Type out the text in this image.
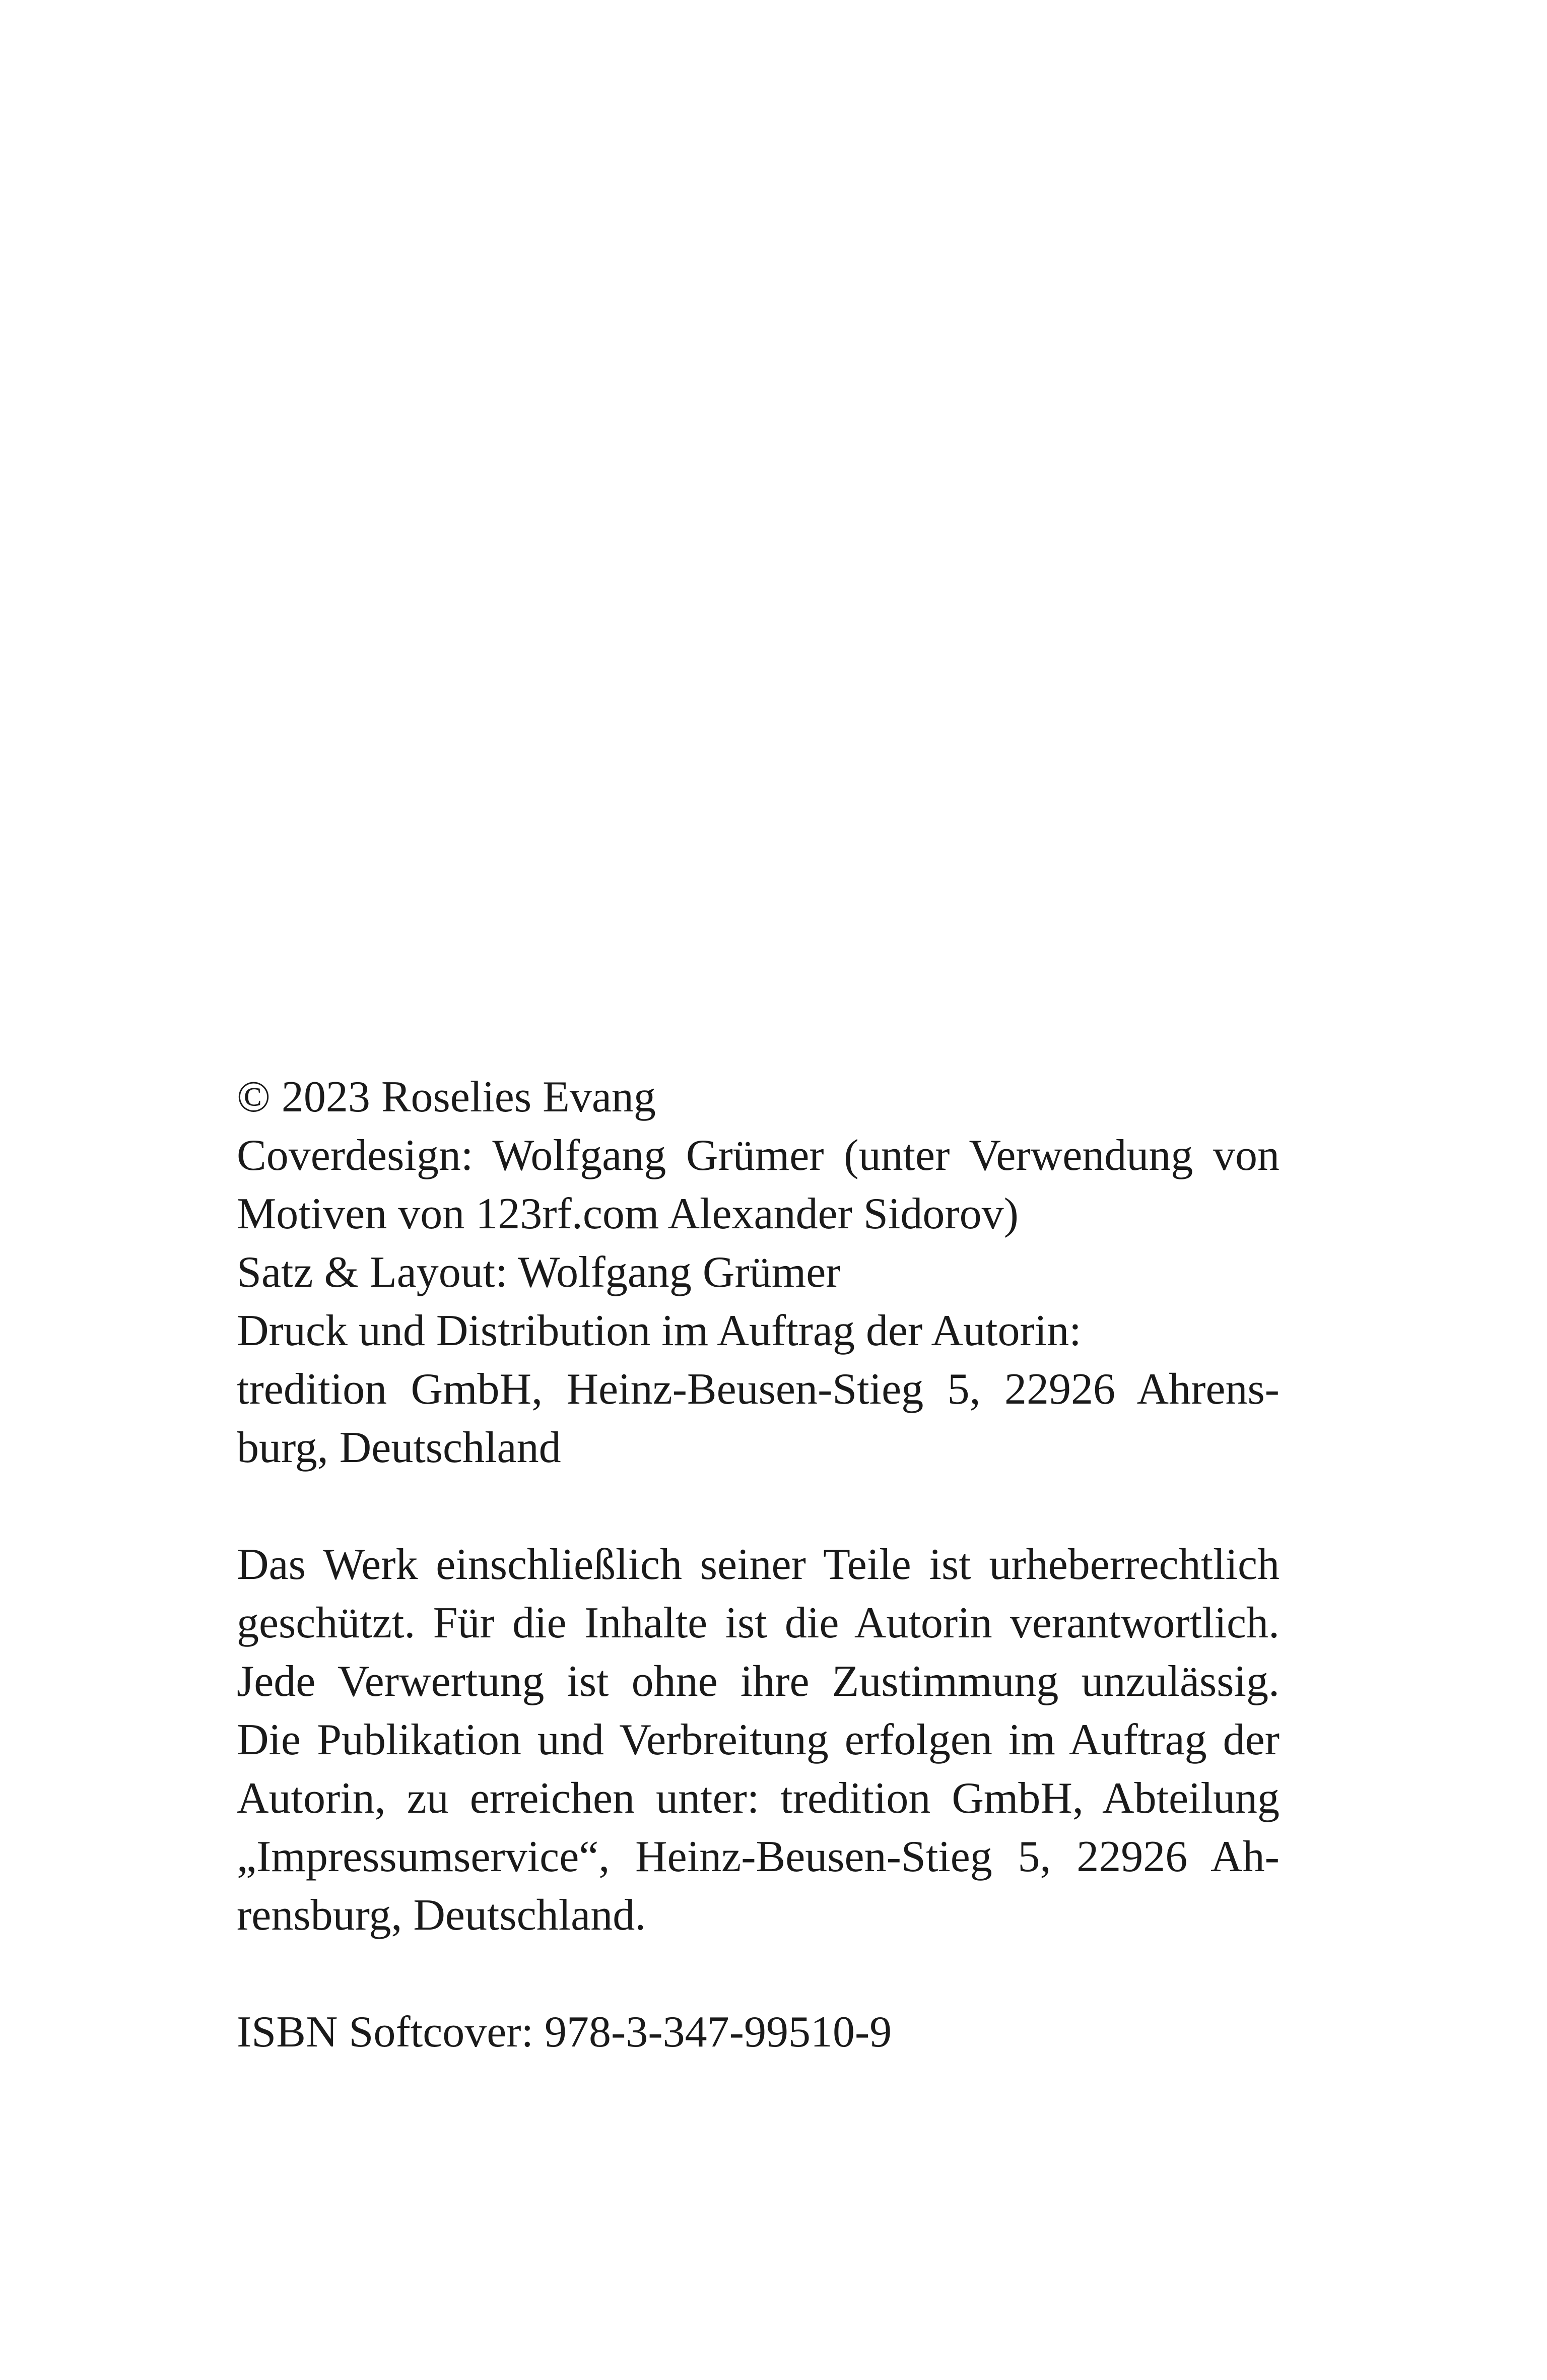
© 2023 Roselies Evang
Coverdesign: Wolfgang Grümer (unter Verwendung von
Motiven von 123rf.com Alexander Sidorov)
Satz & Layout: Wolfgang Grümer
Druck und Distribution im Auftrag der Autorin:
tredition GmbH, Heinz-Beusen-Stieg 5, 22926 Ahrens-
burg, Deutschland
Das Werk einschließlich seiner Teile ist urheberrechtlich
geschützt. Für die Inhalte ist die Autorin verantwortlich.
Jede Verwertung ist ohne ihre Zustimmung unzulässig.
Die Publikation und Verbreitung erfolgen im Auftrag der
Autorin, zu erreichen unter: tredition GmbH, Abteilung
„Impressumservice“, Heinz-Beusen-Stieg 5, 22926 Ah-
rensburg, Deutschland.
ISBN Softcover: 978-3-347-99510-9
